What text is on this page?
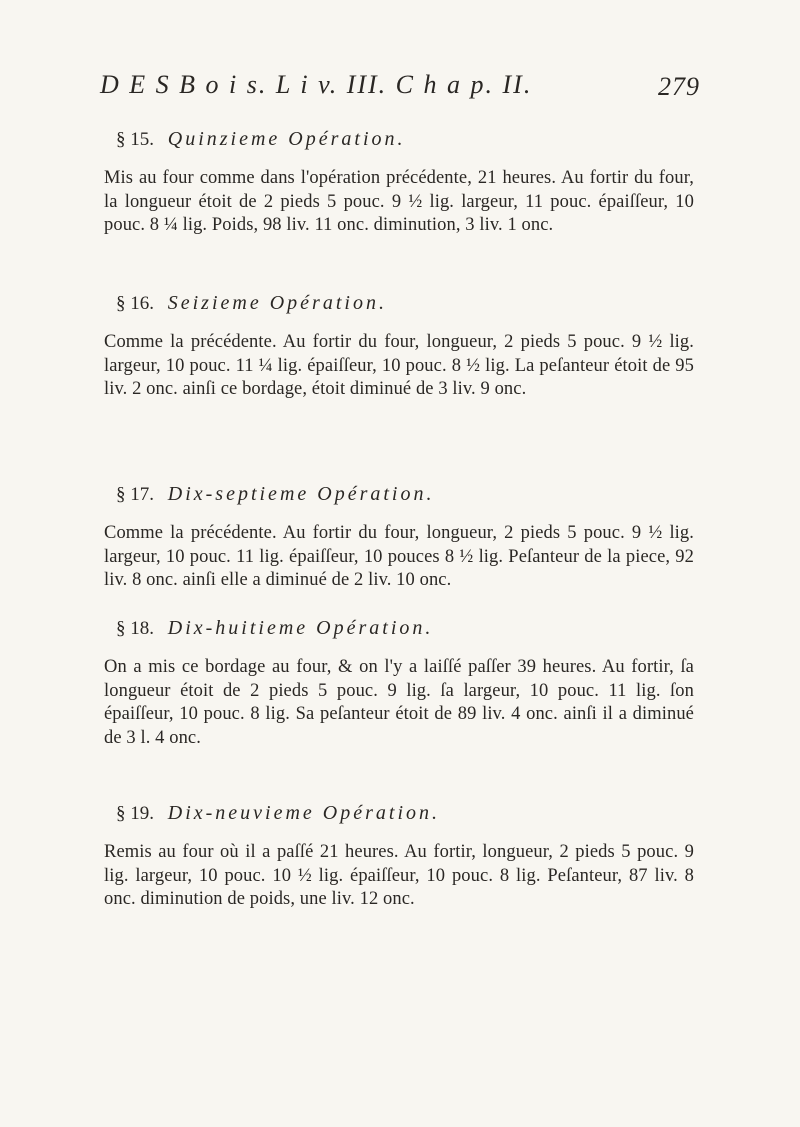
D E S B o i s. L i v. III. C h a p. II.	279
§ 15. Quinzieme Opération.

Mis au four comme dans l'opération précédente, 21 heures. Au fortir du four, la longueur étoit de 2 pieds 5 pouc. 9 ½ lig. largeur, 11 pouc. épaiſſeur, 10 pouc. 8 ¼ lig. Poids, 98 liv. 11 onc. diminution, 3 liv. 1 onc.

§ 16. Seizieme Opération.

Comme la précédente. Au fortir du four, longueur, 2 pieds 5 pouc. 9 ½ lig. largeur, 10 pouc. 11 ¼ lig. épaiſſeur, 10 pouc. 8 ½ lig. La peſanteur étoit de 95 liv. 2 onc. ainſi ce bordage, étoit diminué de 3 liv. 9 onc.

§ 17. Dix-septieme Opération.

Comme la précédente. Au fortir du four, longueur, 2 pieds 5 pouc. 9 ½ lig. largeur, 10 pouc. 11 lig. épaiſſeur, 10 pouces 8 ½ lig. Peſanteur de la piece, 92 liv. 8 onc. ainſi elle a diminué de 2 liv. 10 onc.

§ 18. Dix-huitieme Opération.

On a mis ce bordage au four, & on l'y a laiſſé paſſer 39 heures. Au fortir, ſa longueur étoit de 2 pieds 5 pouc. 9 lig. ſa largeur, 10 pouc. 11 lig. ſon épaiſſeur, 10 pouc. 8 lig. Sa peſanteur étoit de 89 liv. 4 onc. ainſi il a diminué de 3 l. 4 onc.

§ 19. Dix-neuvieme Opération.

Remis au four où il a paſſé 21 heures. Au fortir, longueur, 2 pieds 5 pouc. 9 lig. largeur, 10 pouc. 10 ½ lig. épaiſſeur, 10 pouc. 8 lig. Peſanteur, 87 liv. 8 onc. diminution de poids, une liv. 12 onc.
